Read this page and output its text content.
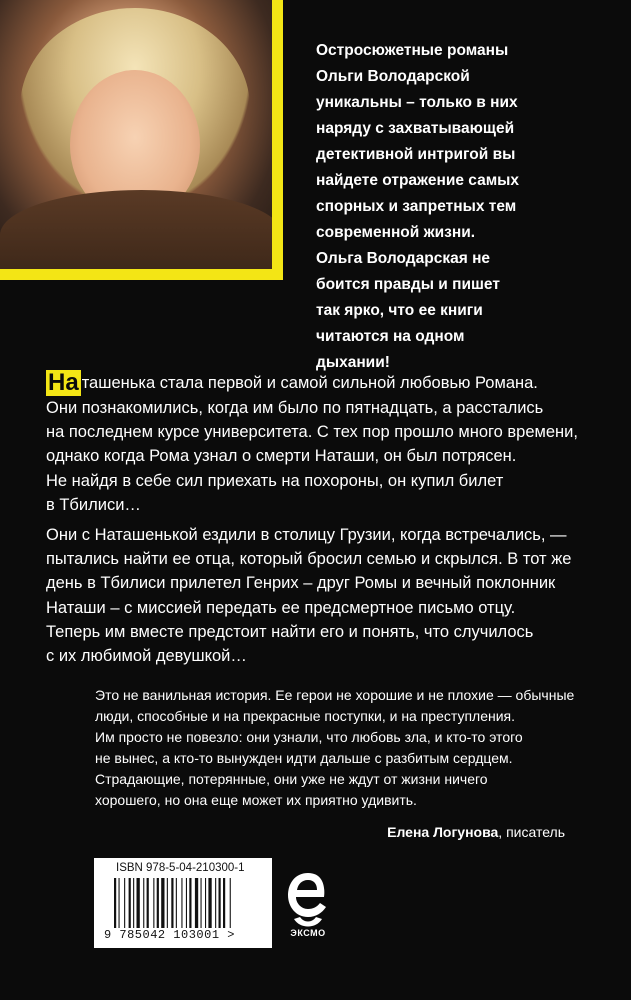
Остросюжетные романы

Ольги Володарской

уникальны – только в них

наряду с захватывающей

детективной интригой вы

найдете отражение самых

спорных и запретных тем

современной жизни.

Ольга Володарская не

боится правды и пишет

так ярко, что ее книги

читаются на одном

дыхании!

На ташенька стала первой и самой сильной любовью Романа.

Они познакомились, когда им было по пятнадцать, а расстались

на последнем курсе университета. С тех пор прошло много времени,

однако когда Рома узнал о смерти Наташи, он был потрясен.

Не найдя в себе сил приехать на похороны, он купил билет

в Тбилиси…

Они с Наташенькой ездили в столицу Грузии, когда встречались, —

пытались найти ее отца, который бросил семью и скрылся. В тот же

день в Тбилиси прилетел Генрих – друг Ромы и вечный поклонник

Наташи – с миссией передать ее предсмертное письмо отцу.

Теперь им вместе предстоит найти его и понять, что случилось

с их любимой девушкой…

Это не ванильная история. Ее герои не хорошие и не плохие — обычные

люди, способные и на прекрасные поступки, и на преступления.

Им просто не повезло: они узнали, что любовь зла, и кто-то этого

не вынес, а кто-то вынужден идти дальше с разбитым сердцем.

Страдающие, потерянные, они уже не ждут от жизни ничего

хорошего, но она еще может их приятно удивить.

Елена Логунова, писатель

ISBN 978-5-04-210300-1
9 785042 103001 >	ЭКСМО
